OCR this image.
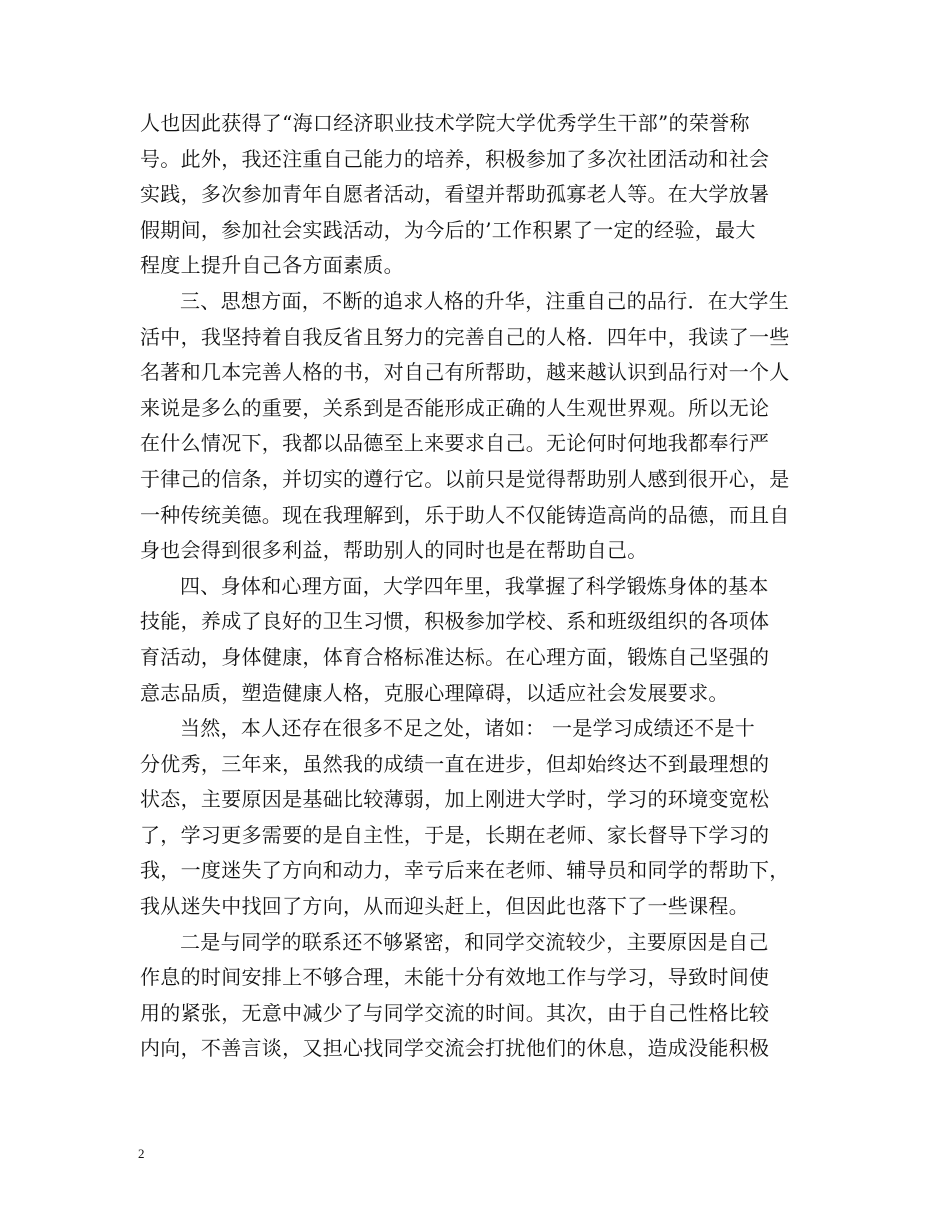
人也因此获得了“海口经济职业技术学院大学优秀学生干部”的荣誉称
号。此外，我还注重自己能力的培养，积极参加了多次社团活动和社会
实践，多次参加青年自愿者活动，看望并帮助孤寡老人等。在大学放暑
假期间，参加社会实践活动，为今后的’工作积累了一定的经验，最大
程度上提升自己各方面素质。
三、思想方面，不断的追求人格的升华，注重自己的品行．在大学生
活中，我坚持着自我反省且努力的完善自己的人格．四年中，我读了一些
名著和几本完善人格的书，对自己有所帮助，越来越认识到品行对一个人
来说是多么的重要，关系到是否能形成正确的人生观世界观。所以无论
在什么情况下，我都以品德至上来要求自己。无论何时何地我都奉行严
于律己的信条，并切实的遵行它。以前只是觉得帮助别人感到很开心，是
一种传统美德。现在我理解到，乐于助人不仅能铸造高尚的品德，而且自
身也会得到很多利益，帮助别人的同时也是在帮助自己。
四、身体和心理方面，大学四年里，我掌握了科学锻炼身体的基本
技能，养成了良好的卫生习惯，积极参加学校、系和班级组织的各项体
育活动，身体健康，体育合格标准达标。在心理方面，锻炼自己坚强的
意志品质，塑造健康人格，克服心理障碍，以适应社会发展要求。
当然，本人还存在很多不足之处，诸如： 一是学习成绩还不是十
分优秀，三年来，虽然我的成绩一直在进步，但却始终达不到最理想的
状态，主要原因是基础比较薄弱，加上刚进大学时，学习的环境变宽松
了，学习更多需要的是自主性，于是，长期在老师、家长督导下学习的
我，一度迷失了方向和动力，幸亏后来在老师、辅导员和同学的帮助下，
我从迷失中找回了方向，从而迎头赶上，但因此也落下了一些课程。
二是与同学的联系还不够紧密，和同学交流较少，主要原因是自己
作息的时间安排上不够合理，未能十分有效地工作与学习，导致时间使
用的紧张，无意中减少了与同学交流的时间。其次，由于自己性格比较
内向，不善言谈，又担心找同学交流会打扰他们的休息，造成没能积极
2
